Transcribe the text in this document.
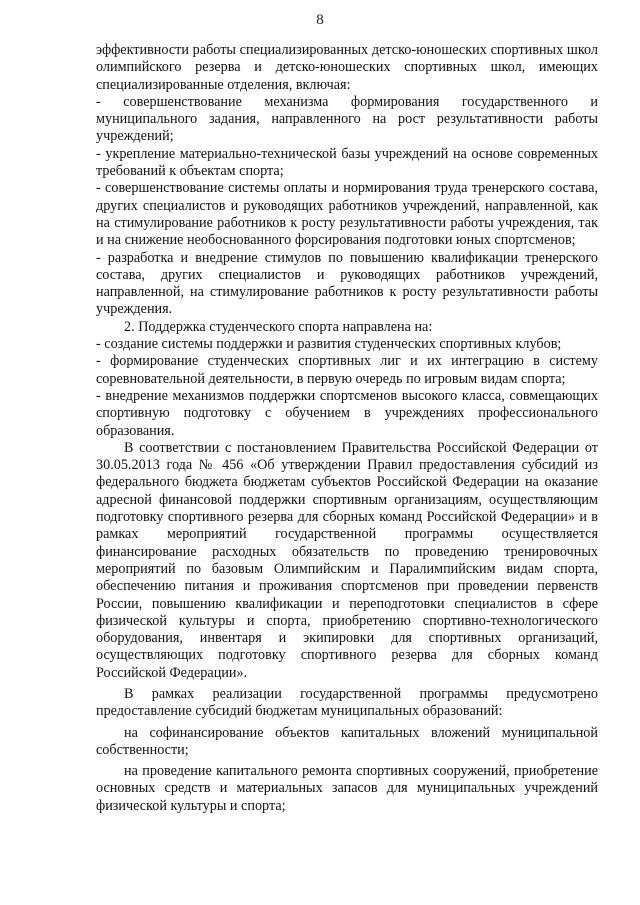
8

эффективности работы специализированных детско-юношеских спортивных школ олимпийского резерва и детско-юношеских спортивных школ, имеющих специализированные отделения, включая:

- совершенствование механизма формирования государственного и муниципального задания, направленного на рост результативности работы учреждений;

- укрепление материально-технической базы учреждений на основе современных требований к объектам спорта;

- совершенствование системы оплаты и нормирования труда тренерского состава, других специалистов и руководящих работников учреждений, направленной, как на стимулирование работников к росту результативности работы учреждения, так и на снижение необоснованного форсирования подготовки юных спортсменов;

- разработка и внедрение стимулов по повышению квалификации тренерского состава, других специалистов и руководящих работников учреждений, направленной, на стимулирование работников к росту результативности работы учреждения.

2. Поддержка студенческого спорта направлена на:

- создание системы поддержки и развития студенческих спортивных клубов;

- формирование студенческих спортивных лиг и их интеграцию в систему соревновательной деятельности, в первую очередь по игровым видам спорта;

- внедрение механизмов поддержки спортсменов высокого класса, совмещающих спортивную подготовку с обучением в учреждениях профессионального образования.

В соответствии с постановлением Правительства Российской Федерации от 30.05.2013 года № 456 «Об утверждении Правил предоставления субсидий из федерального бюджета бюджетам субъектов Российской Федерации на оказание адресной финансовой поддержки спортивным организациям, осуществляющим подготовку спортивного резерва для сборных команд Российской Федерации» и в рамках мероприятий государственной программы осуществляется финансирование расходных обязательств по проведению тренировочных мероприятий по базовым Олимпийским и Паралимпийским видам спорта, обеспечению питания и проживания спортсменов при проведении первенств России, повышению квалификации и переподготовки специалистов в сфере физической культуры и спорта, приобретению спортивно-технологического оборудования, инвентаря и экипировки для спортивных организаций, осуществляющих подготовку спортивного резерва для сборных команд Российской Федерации».

В рамках реализации государственной программы предусмотрено предоставление субсидий бюджетам муниципальных образований:

на софинансирование объектов капитальных вложений муниципальной собственности;

на проведение капитального ремонта спортивных сооружений, приобретение основных средств и материальных запасов для муниципальных учреждений физической культуры и спорта;
